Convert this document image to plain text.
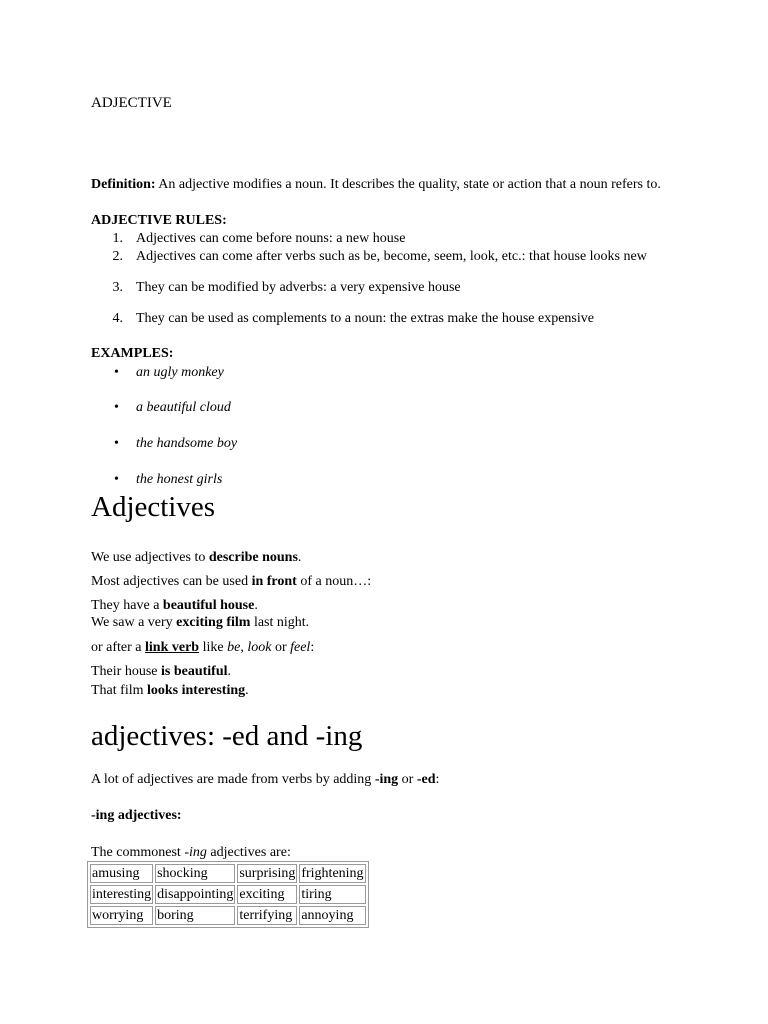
ADJECTIVE
Definition: An adjective modifies a noun. It describes the quality, state or action that a noun refers to.
ADJECTIVE RULES:
1. Adjectives can come before nouns: a new house
2. Adjectives can come after verbs such as be, become, seem, look, etc.: that house looks new
3. They can be modified by adverbs: a very expensive house
4. They can be used as complements to a noun: the extras make the house expensive
EXAMPLES:
• an ugly monkey
• a beautiful cloud
• the handsome boy
• the honest girls
Adjectives
We use adjectives to describe nouns.
Most adjectives can be used in front of a noun…:
They have a beautiful house.
We saw a very exciting film last night.
or after a link verb like be, look or feel:
Their house is beautiful.
That film looks interesting.
adjectives: -ed and -ing
A lot of adjectives are made from verbs by adding -ing or -ed:
-ing adjectives:
The commonest -ing adjectives are:
amusing	shocking	surprising	frightening
interesting	disappointing	exciting	tiring
worrying	boring	terrifying	annoying
